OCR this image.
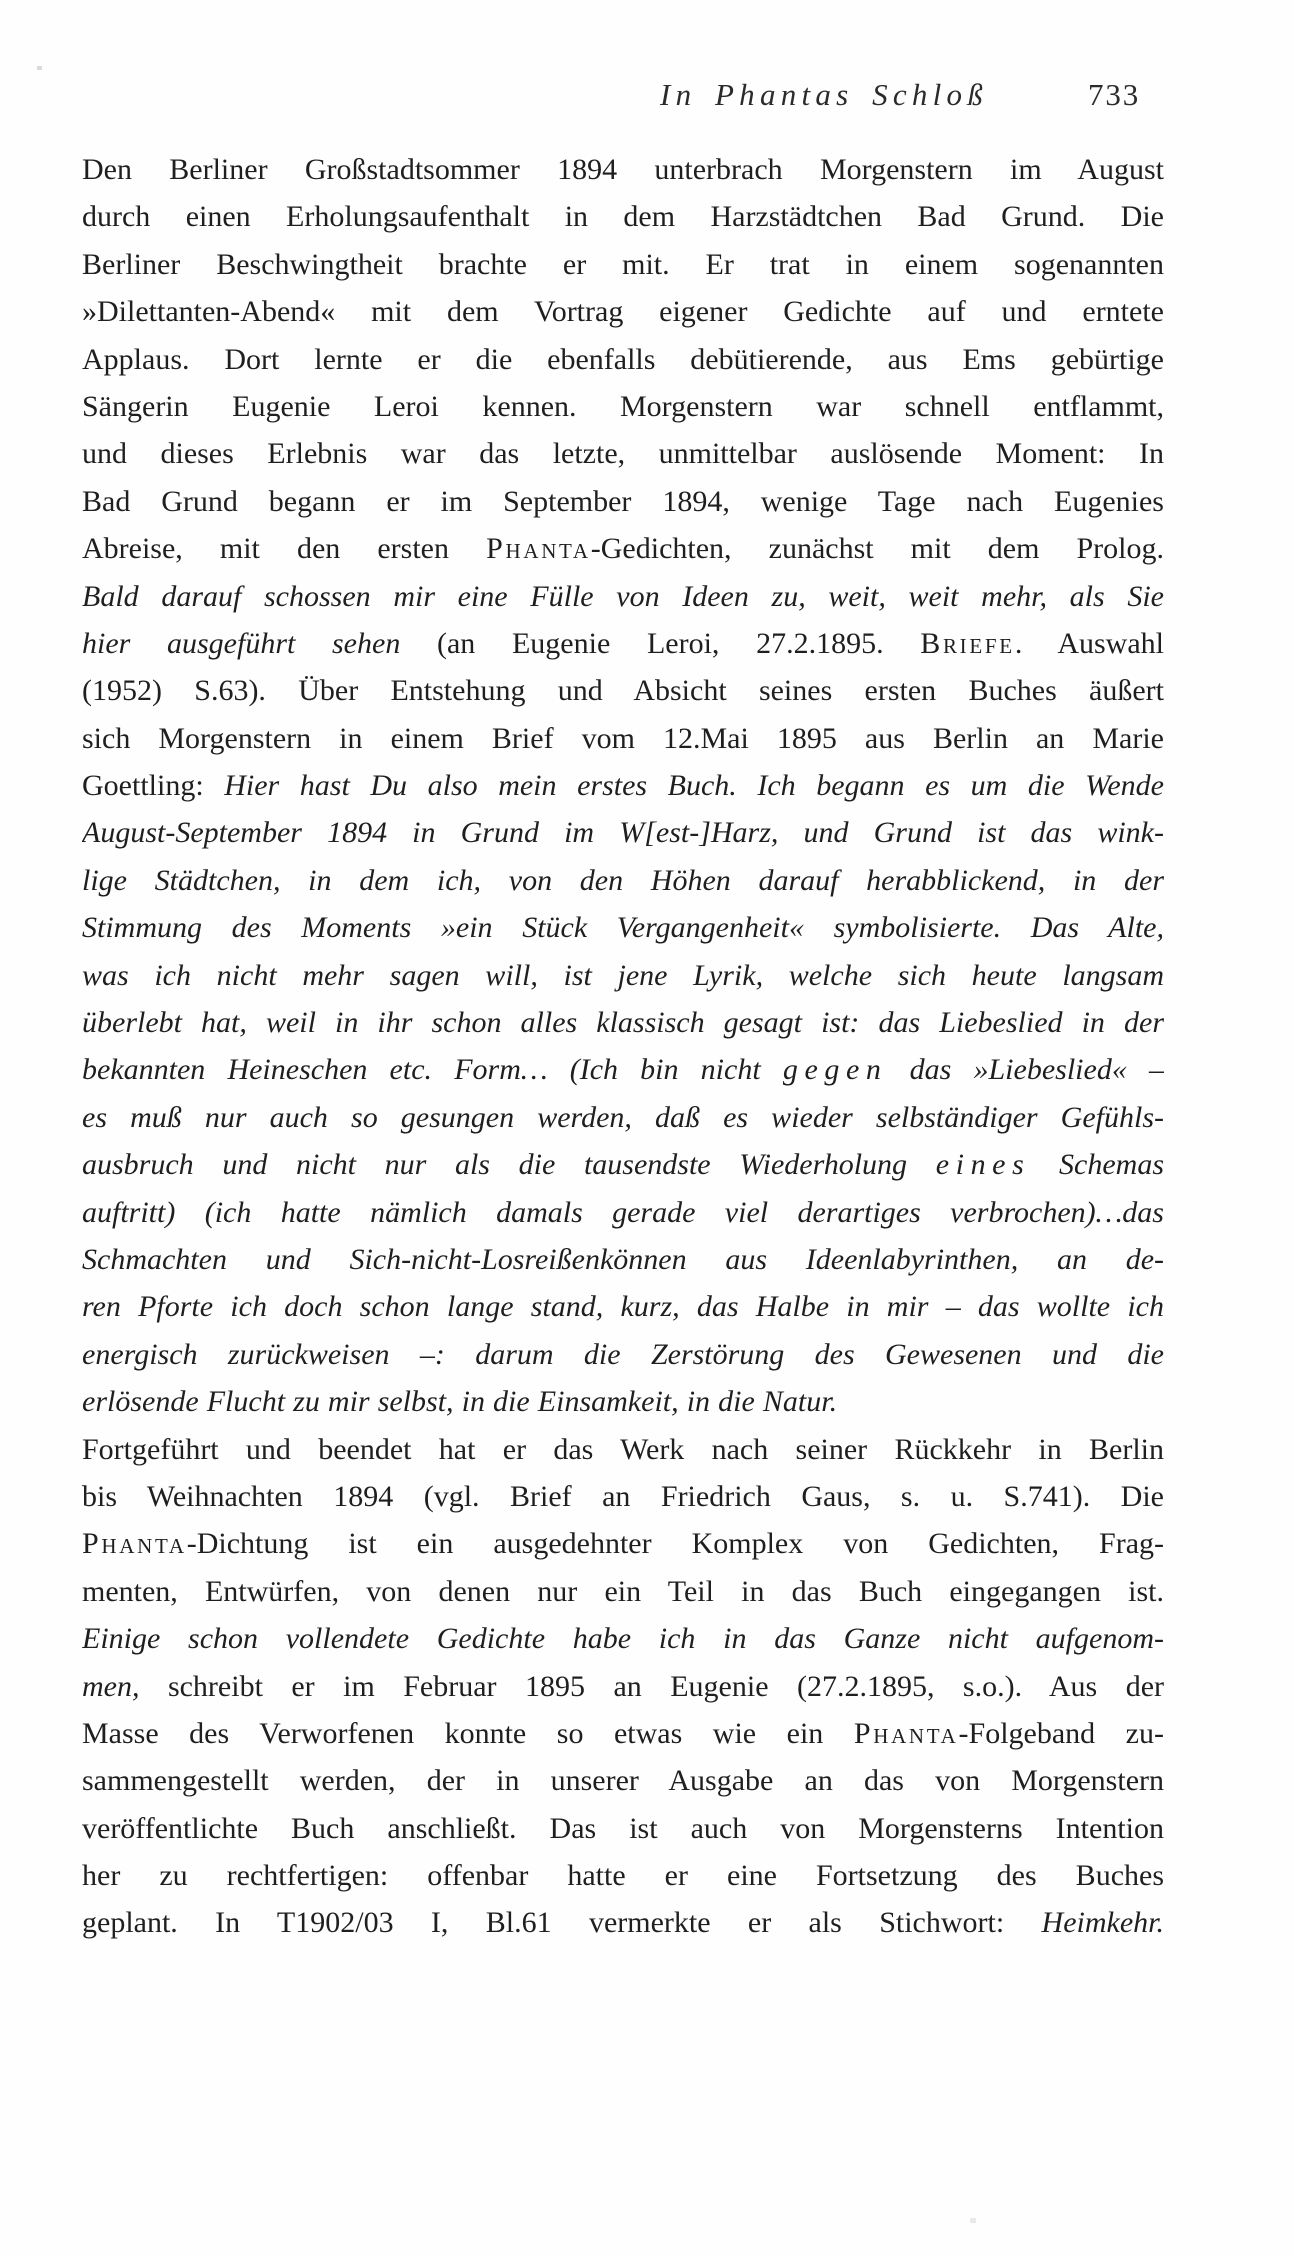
In Phantas Schloß	733
Den Berliner Großstadtsommer 1894 unterbrach Morgenstern im August
durch einen Erholungsaufenthalt in dem Harzstädtchen Bad Grund. Die
Berliner Beschwingtheit brachte er mit. Er trat in einem sogenannten
»Dilettanten-Abend« mit dem Vortrag eigener Gedichte auf und erntete
Applaus. Dort lernte er die ebenfalls debütierende, aus Ems gebürtige
Sängerin Eugenie Leroi kennen. Morgenstern war schnell entflammt,
und dieses Erlebnis war das letzte, unmittelbar auslösende Moment: In
Bad Grund begann er im September 1894, wenige Tage nach Eugenies
Abreise, mit den ersten Phanta-Gedichten, zunächst mit dem Prolog.
Bald darauf schossen mir eine Fülle von Ideen zu, weit, weit mehr, als Sie
hier ausgeführt sehen (an Eugenie Leroi, 27.2.1895. Briefe. Auswahl
(1952) S.63). Über Entstehung und Absicht seines ersten Buches äußert
sich Morgenstern in einem Brief vom 12.Mai 1895 aus Berlin an Marie
Goettling: Hier hast Du also mein erstes Buch. Ich begann es um die Wende
August-September 1894 in Grund im W[est-]Harz, und Grund ist das wink-
lige Städtchen, in dem ich, von den Höhen darauf herabblickend, in der
Stimmung des Moments »ein Stück Vergangenheit« symbolisierte. Das Alte,
was ich nicht mehr sagen will, ist jene Lyrik, welche sich heute langsam
überlebt hat, weil in ihr schon alles klassisch gesagt ist: das Liebeslied in der
bekannten Heineschen etc. Form… (Ich bin nicht gegen das »Liebeslied« –
es muß nur auch so gesungen werden, daß es wieder selbständiger Gefühls-
ausbruch und nicht nur als die tausendste Wiederholung eines Schemas
auftritt) (ich hatte nämlich damals gerade viel derartiges verbrochen)…das
Schmachten und Sich-nicht-Losreißenkönnen aus Ideenlabyrinthen, an de-
ren Pforte ich doch schon lange stand, kurz, das Halbe in mir – das wollte ich
energisch zurückweisen –: darum die Zerstörung des Gewesenen und die
erlösende Flucht zu mir selbst, in die Einsamkeit, in die Natur.
Fortgeführt und beendet hat er das Werk nach seiner Rückkehr in Berlin
bis Weihnachten 1894 (vgl. Brief an Friedrich Gaus, s. u. S.741). Die
Phanta-Dichtung ist ein ausgedehnter Komplex von Gedichten, Frag-
menten, Entwürfen, von denen nur ein Teil in das Buch eingegangen ist.
Einige schon vollendete Gedichte habe ich in das Ganze nicht aufgenom-
men, schreibt er im Februar 1895 an Eugenie (27.2.1895, s.o.). Aus der
Masse des Verworfenen konnte so etwas wie ein Phanta-Folgeband zu-
sammengestellt werden, der in unserer Ausgabe an das von Morgenstern
veröffentlichte Buch anschließt. Das ist auch von Morgensterns Intention
her zu rechtfertigen: offenbar hatte er eine Fortsetzung des Buches
geplant. In T1902/03 I, Bl.61 vermerkte er als Stichwort: Heimkehr.
